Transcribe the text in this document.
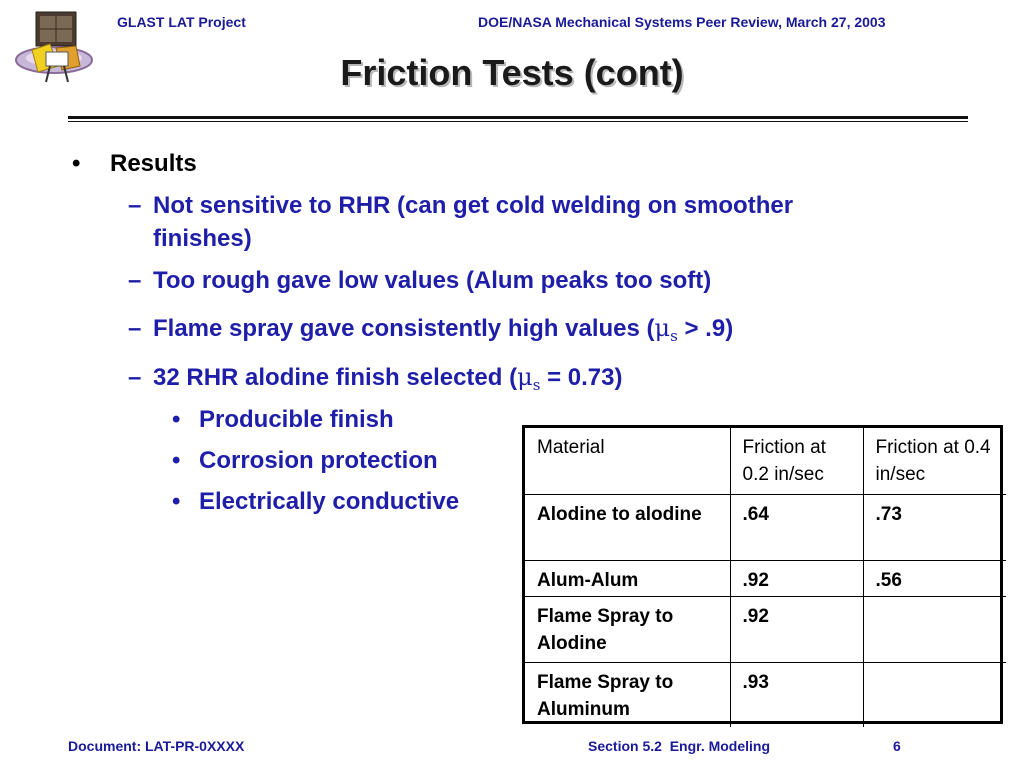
GLAST LAT Project	DOE/NASA Mechanical Systems Peer Review, March 27, 2003
Friction Tests (cont)
• Results
– Not sensitive to RHR (can get cold welding on smoother
finishes)
– Too rough gave low values (Alum peaks too soft)
– Flame spray gave consistently high values $(\mu_s > .9)$
– 32 RHR alodine finish selected $(\mu_s = 0.73)$
• Producible finish
• Corrosion protection
• Electrically conductive
Material	Friction at 0.2 in/sec	Friction at 0.4 in/sec
Alodine to alodine	.64	.73
Alum-Alum	.92	.56
Flame Spray to Alodine	.92	
Flame Spray to Aluminum	.93	
Document: LAT-PR-0XXXX	Section 5.2  Engr. Modeling	6
